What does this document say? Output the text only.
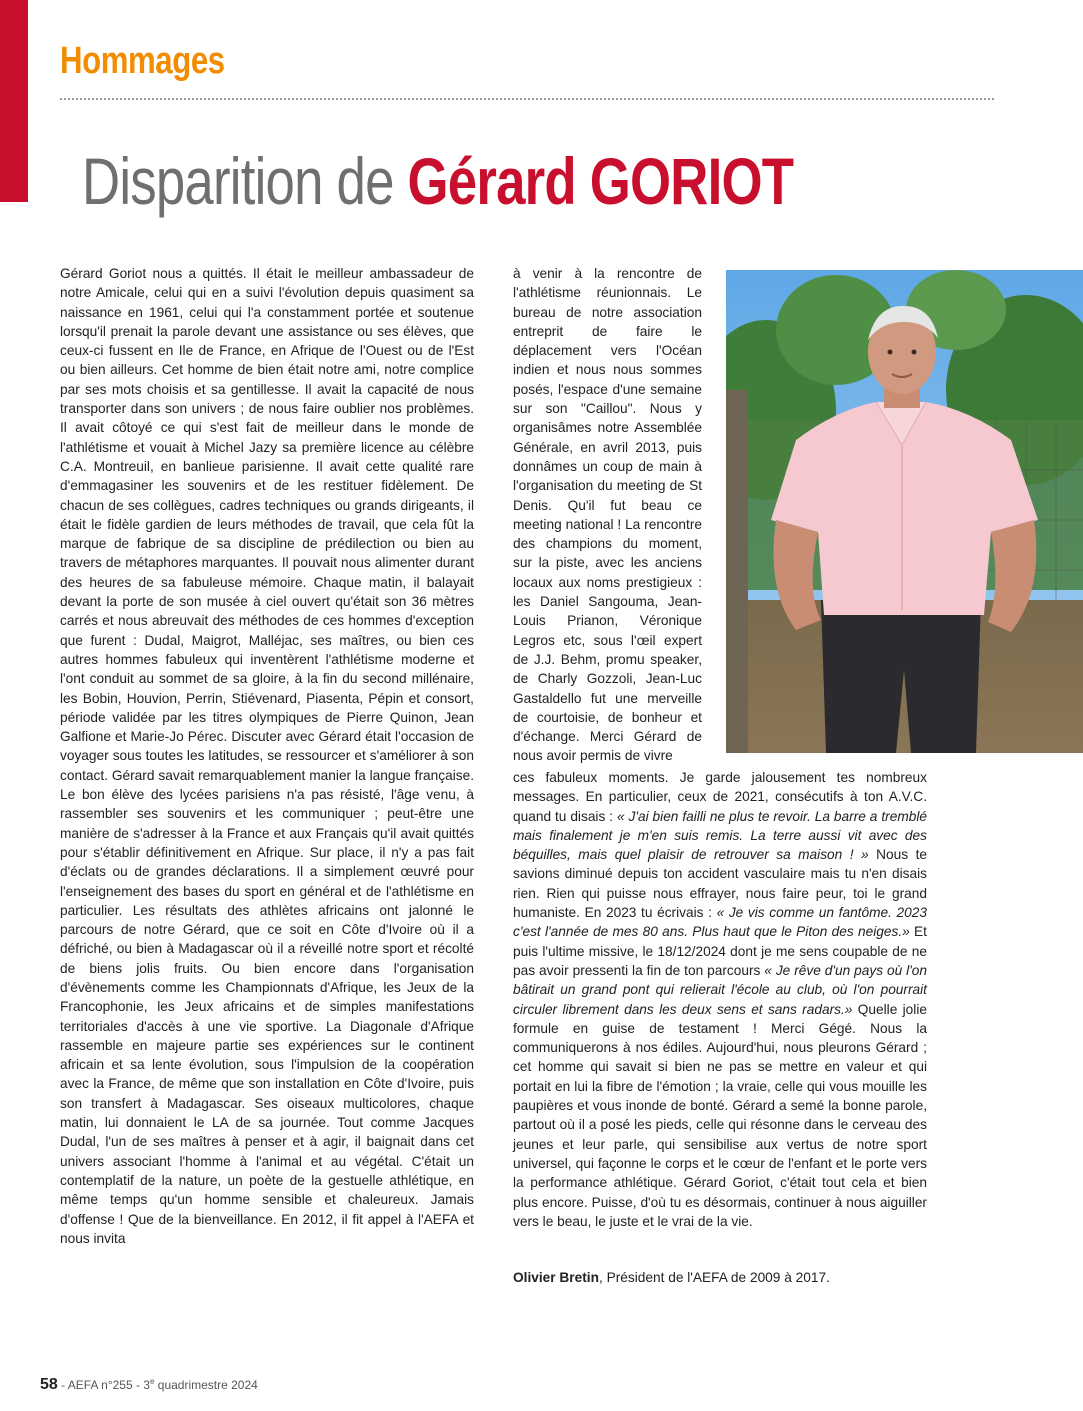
Hommages
Disparition de Gérard GORIOT

Gérard Goriot nous a quittés. Il était le meilleur ambassadeur de notre Amicale, celui qui en a suivi l'évolution depuis quasiment sa naissance en 1961, celui qui l'a constamment portée et soutenue lorsqu'il prenait la parole devant une assistance ou ses élèves, que ceux-ci fussent en Ile de France, en Afrique de l'Ouest ou de l'Est ou bien ailleurs. Cet homme de bien était notre ami, notre complice par ses mots choisis et sa gentillesse. Il avait la capacité de nous transporter dans son univers ; de nous faire oublier nos problèmes. Il avait côtoyé ce qui s'est fait de meilleur dans le monde de l'athlétisme et vouait à Michel Jazy sa première licence au célèbre C.A. Montreuil, en banlieue parisienne. Il avait cette qualité rare d'emmagasiner les souvenirs et de les restituer fidèlement. De chacun de ses collègues, cadres techniques ou grands dirigeants, il était le fidèle gardien de leurs méthodes de travail, que cela fût la marque de fabrique de sa discipline de prédilection ou bien au travers de métaphores marquantes. Il pouvait nous alimenter durant des heures de sa fabuleuse mémoire. Chaque matin, il balayait devant la porte de son musée à ciel ouvert qu'était son 36 mètres carrés et nous abreuvait des méthodes de ces hommes d'exception que furent : Dudal, Maigrot, Malléjac, ses maîtres, ou bien ces autres hommes fabuleux qui inventèrent l'athlétisme moderne et l'ont conduit au sommet de sa gloire, à la fin du second millénaire, les Bobin, Houvion, Perrin, Stiévenard, Piasenta, Pépin et consort, période validée par les titres olympiques de Pierre Quinon, Jean Galfione et Marie-Jo Pérec. Discuter avec Gérard était l'occasion de voyager sous toutes les latitudes, se ressourcer et s'améliorer à son contact. Gérard savait remarquablement manier la langue française. Le bon élève des lycées parisiens n'a pas résisté, l'âge venu, à rassembler ses souvenirs et les communiquer ; peut-être une manière de s'adresser à la France et aux Français qu'il avait quittés pour s'établir définitivement en Afrique. Sur place, il n'y a pas fait d'éclats ou de grandes déclarations. Il a simplement œuvré pour l'enseignement des bases du sport en général et de l'athlétisme en particulier. Les résultats des athlètes africains ont jalonné le parcours de notre Gérard, que ce soit en Côte d'Ivoire où il a défriché, ou bien à Madagascar où il a réveillé notre sport et récolté de biens jolis fruits. Ou bien encore dans l'organisation d'évènements comme les Championnats d'Afrique, les Jeux de la Francophonie, les Jeux africains et de simples manifestations territoriales d'accès à une vie sportive. La Diagonale d'Afrique rassemble en majeure partie ses expériences sur le continent africain et sa lente évolution, sous l'impulsion de la coopération avec la France, de même que son installation en Côte d'Ivoire, puis son transfert à Madagascar. Ses oiseaux multicolores, chaque matin, lui donnaient le LA de sa journée. Tout comme Jacques Dudal, l'un de ses maîtres à penser et à agir, il baignait dans cet univers associant l'homme à l'animal et au végétal. C'était un contemplatif de la nature, un poète de la gestuelle athlétique, en même temps qu'un homme sensible et chaleureux. Jamais d'offense ! Que de la bienveillance. En 2012, il fit appel à l'AEFA et nous invita

à venir à la rencontre de l'athlétisme réunionnais. Le bureau de notre association entreprit de faire le déplacement vers l'Océan indien et nous nous sommes posés, l'espace d'une semaine sur son "Caillou". Nous y organisâmes notre Assemblée Générale, en avril 2013, puis donnâmes un coup de main à l'organisation du meeting de St Denis. Qu'il fut beau ce meeting national ! La rencontre des champions du moment, sur la piste, avec les anciens locaux aux noms prestigieux : les Daniel Sangouma, Jean-Louis Prianon, Véronique Legros etc, sous l'œil expert de J.J. Behm, promu speaker, de Charly Gozzoli, Jean-Luc Gastaldello fut une merveille de courtoisie, de bonheur et d'échange. Merci Gérard de nous avoir permis de vivre

ces fabuleux moments. Je garde jalousement tes nombreux messages. En particulier, ceux de 2021, consécutifs à ton A.V.C. quand tu disais : « J'ai bien failli ne plus te revoir. La barre a tremblé mais finalement je m'en suis remis. La terre aussi vit avec des béquilles, mais quel plaisir de retrouver sa maison ! » Nous te savions diminué depuis ton accident vasculaire mais tu n'en disais rien. Rien qui puisse nous effrayer, nous faire peur, toi le grand humaniste. En 2023 tu écrivais : « Je vis comme un fantôme. 2023 c'est l'année de mes 80 ans. Plus haut que le Piton des neiges.» Et puis l'ultime missive, le 18/12/2024 dont je me sens coupable de ne pas avoir pressenti la fin de ton parcours « Je rêve d'un pays où l'on bâtirait un grand pont qui relierait l'école au club, où l'on pourrait circuler librement dans les deux sens et sans radars.» Quelle jolie formule en guise de testament ! Merci Gégé. Nous la communiquerons à nos édiles. Aujourd'hui, nous pleurons Gérard ; cet homme qui savait si bien ne pas se mettre en valeur et qui portait en lui la fibre de l'émotion ; la vraie, celle qui vous mouille les paupières et vous inonde de bonté. Gérard a semé la bonne parole, partout où il a posé les pieds, celle qui résonne dans le cerveau des jeunes et leur parle, qui sensibilise aux vertus de notre sport universel, qui façonne le corps et le cœur de l'enfant et le porte vers la performance athlétique. Gérard Goriot, c'était tout cela et bien plus encore. Puisse, d'où tu es désormais, continuer à nous aiguiller vers le beau, le juste et le vrai de la vie.

Olivier Bretin, Président de l'AEFA de 2009 à 2017.
58 - AEFA n°255 - 3e quadrimestre 2024
